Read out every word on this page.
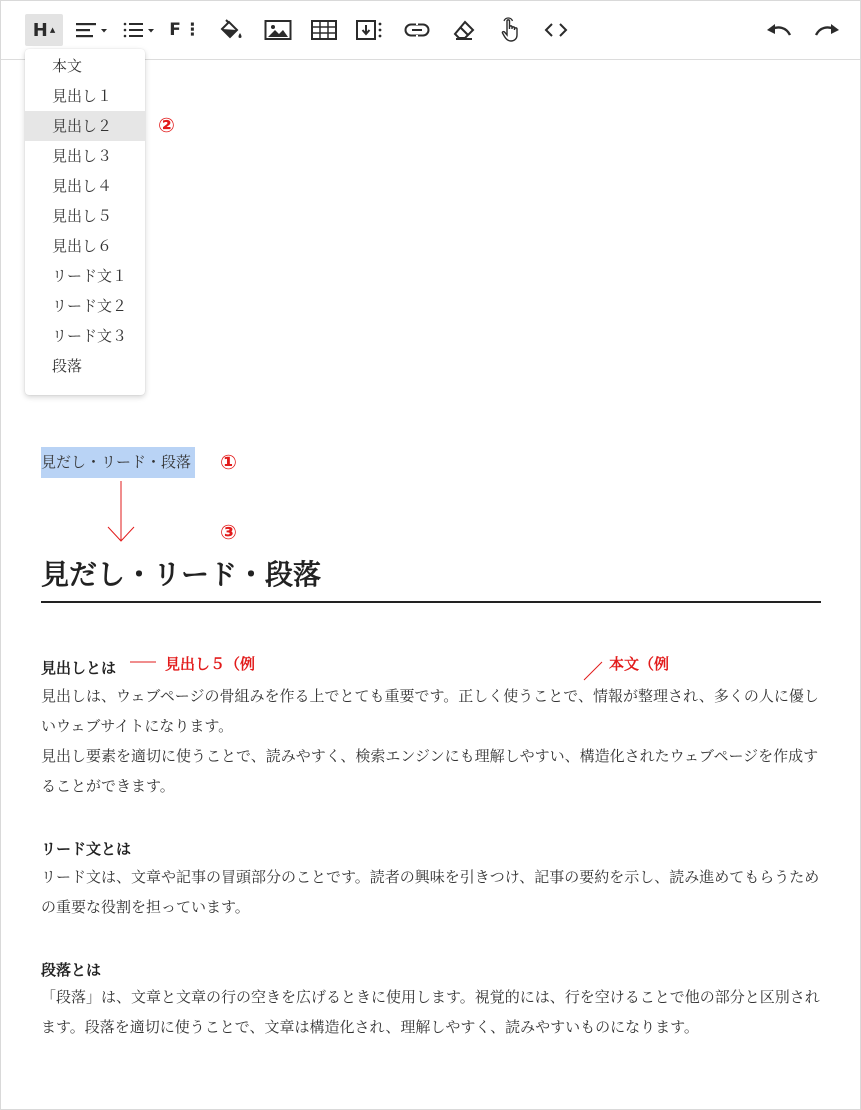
H ▲	F ⋮
本文
見出し１
見出し２
見出し３
見出し４
見出し５
見出し６
リード文１
リード文２
リード文３
段落
②
①
③
見だし・リード・段落
見だし・リード・段落
見出しとは	見出し５（例	本文（例
見出しは、ウェブページの骨組みを作る上でとても重要です。正しく使うことで、情報が整理され、多くの人に優しいウェブサイトになります。
見出し要素を適切に使うことで、読みやすく、検索エンジンにも理解しやすい、構造化されたウェブページを作成することができます。
リード文とは
リード文は、文章や記事の冒頭部分のことです。読者の興味を引きつけ、記事の要約を示し、読み進めてもらうための重要な役割を担っています。
段落とは
「段落」は、文章と文章の行の空きを広げるときに使用します。視覚的には、行を空けることで他の部分と区別されます。段落を適切に使うことで、文章は構造化され、理解しやすく、読みやすいものになります。
